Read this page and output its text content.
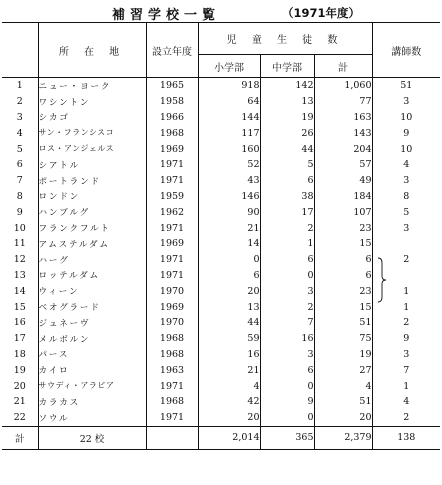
補習学校一覧	（1971年度）
	所 在 地	設立年度	児 童 生 徒 数			講師数
			小学部	中学部	計	
1	ニュー・ヨーク	1965	918	142	1,060	51
2	ワシントン	1958	64	13	77	3
3	シカゴ	1966	144	19	163	10
4	サン・フランシスコ	1968	117	26	143	9
5	ロス・アンジェルス	1969	160	44	204	10
6	シアトル	1971	52	5	57	4
7	ポートランド	1971	43	6	49	3
8	ロンドン	1959	146	38	184	8
9	ハンブルグ	1962	90	17	107	5
10	フランクフルト	1971	21	2	23	3
11	アムステルダム	1969	14	1	15	
12	ハーグ	1971	0	6	6	2
13	ロッテルダム	1971	6	0	6	
14	ウィーン	1970	20	3	23	1
15	ベオグラード	1969	13	2	15	1
16	ジュネーヴ	1970	44	7	51	2
17	メルボルン	1968	59	16	75	9
18	パース	1968	16	3	19	3
19	カイロ	1963	21	6	27	7
20	サウディ・アラビア	1971	4	0	4	1
21	カラカス	1968	42	9	51	4
22	ソウル	1971	20	0	20	2
計	22 校		2,014	365	2,379	138
